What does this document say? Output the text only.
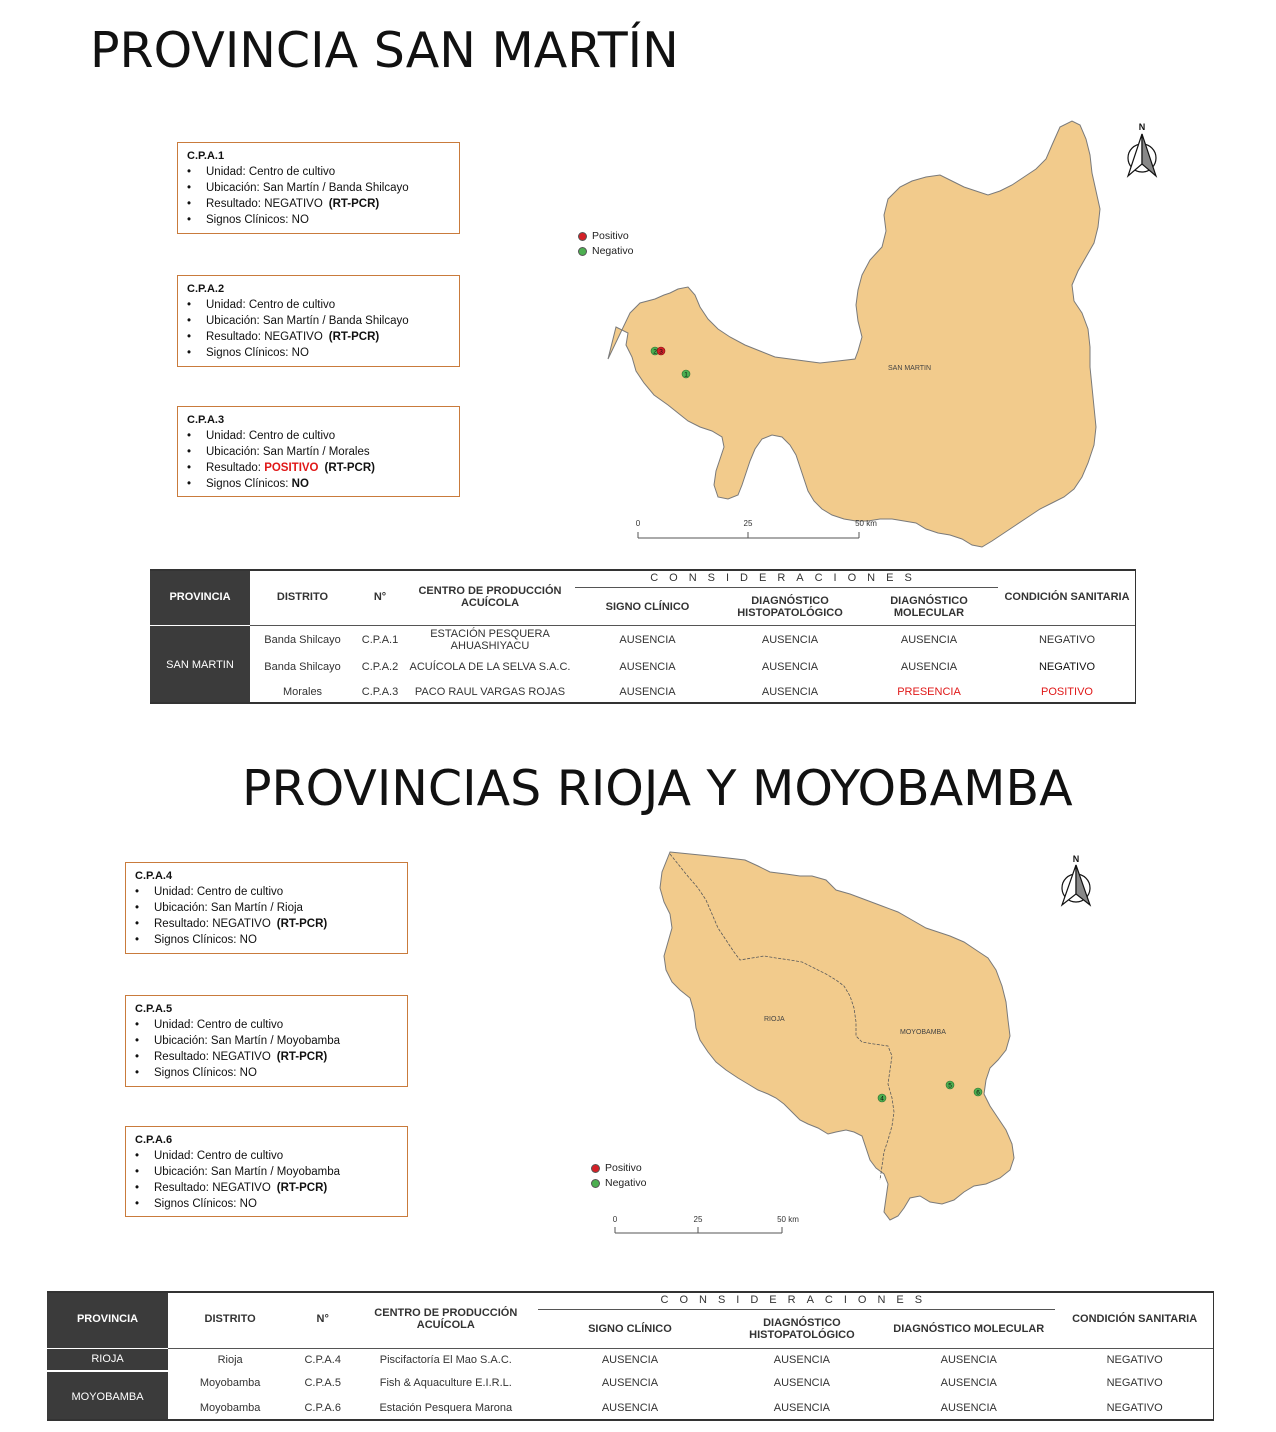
PROVINCIA SAN MARTÍN
PROVINCIAS RIOJA Y MOYOBAMBA
C.P.A.1
• Unidad: Centro de cultivo
• Ubicación: San Martín / Banda Shilcayo
• Resultado: NEGATIVO (RT-PCR)
• Signos Clínicos: NO
C.P.A.2
• Unidad: Centro de cultivo
• Ubicación: San Martín / Banda Shilcayo
• Resultado: NEGATIVO (RT-PCR)
• Signos Clínicos: NO
C.P.A.3
• Unidad: Centro de cultivo
• Ubicación: San Martín / Morales
• Resultado: POSITIVO (RT-PCR)
• Signos Clínicos: NO
C.P.A.4
• Unidad: Centro de cultivo
• Ubicación: San Martín / Rioja
• Resultado: NEGATIVO (RT-PCR)
• Signos Clínicos: NO
C.P.A.5
• Unidad: Centro de cultivo
• Ubicación: San Martín / Moyobamba
• Resultado: NEGATIVO (RT-PCR)
• Signos Clínicos: NO
C.P.A.6
• Unidad: Centro de cultivo
• Ubicación: San Martín / Moyobamba
• Resultado: NEGATIVO (RT-PCR)
• Signos Clínicos: NO
Positivo
Negativo
SAN MARTIN
2 3
1
0	25	50 km
N
PROVINCIA	DISTRITO	N°	CENTRO DE PRODUCCIÓN ACUÍCOLA	CONSIDERACIONES			CONDICIÓN SANITARIA
				SIGNO CLÍNICO	DIAGNÓSTICO HISTOPATOLÓGICO	DIAGNÓSTICO MOLECULAR	
SAN MARTIN	Banda Shilcayo	C.P.A.1	ESTACIÓN PESQUERA AHUASHIYACU	AUSENCIA	AUSENCIA	AUSENCIA	NEGATIVO
	Banda Shilcayo	C.P.A.2	ACUÍCOLA DE LA SELVA S.A.C.	AUSENCIA	AUSENCIA	AUSENCIA	NEGATIVO
	Morales	C.P.A.3	PACO RAUL VARGAS ROJAS	AUSENCIA	AUSENCIA	PRESENCIA	POSITIVO
RIOJA
MOYOBAMBA
4
5
6
Positivo
Negativo
0	25	50 km
N
PROVINCIA	DISTRITO	N°	CENTRO DE PRODUCCIÓN ACUÍCOLA	CONSIDERACIONES			CONDICIÓN SANITARIA
				SIGNO CLÍNICO	DIAGNÓSTICO HISTOPATOLÓGICO	DIAGNÓSTICO MOLECULAR	
RIOJA	Rioja	C.P.A.4	Piscifactoría El Mao S.A.C.	AUSENCIA	AUSENCIA	AUSENCIA	NEGATIVO
MOYOBAMBA	Moyobamba	C.P.A.5	Fish & Aquaculture E.I.R.L.	AUSENCIA	AUSENCIA	AUSENCIA	NEGATIVO
	Moyobamba	C.P.A.6	Estación Pesquera Marona	AUSENCIA	AUSENCIA	AUSENCIA	NEGATIVO
